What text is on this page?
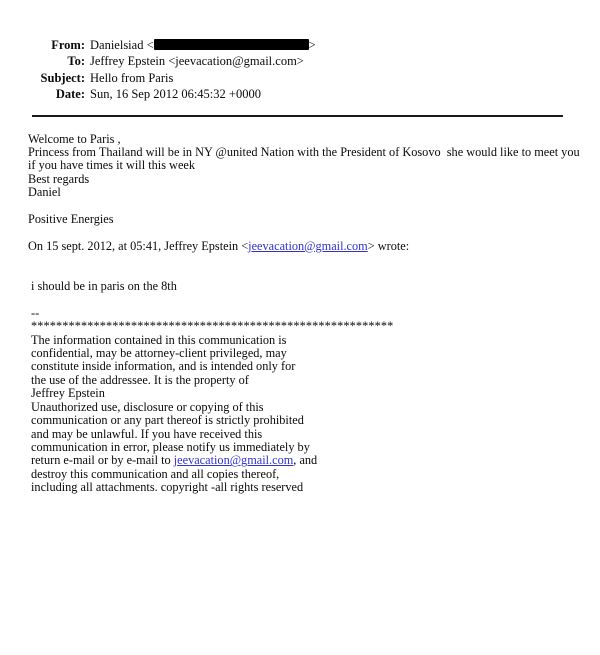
From: Danielsiad <	>
To: Jeffrey Epstein <jeevacation@gmail.com>
Subject: Hello from Paris
Date: Sun, 16 Sep 2012 06:45:32 +0000
Welcome to Paris ,
Princess from Thailand will be in NY @united Nation with the President of Kosovo  she would like to meet you
if you have times it will this week
Best regards
Daniel
Positive Energies
On 15 sept. 2012, at 05:41, Jeffrey Epstein <jeevacation@gmail.com> wrote:
i should be in paris on the 8th
--
**********************************************************
The information contained in this communication is
confidential, may be attorney-client privileged, may
constitute inside information, and is intended only for
the use of the addressee. It is the property of
Jeffrey Epstein
Unauthorized use, disclosure or copying of this
communication or any part thereof is strictly prohibited
and may be unlawful. If you have received this
communication in error, please notify us immediately by
return e-mail or by e-mail to jeevacation@gmail.com, and
destroy this communication and all copies thereof,
including all attachments. copyright -all rights reserved
